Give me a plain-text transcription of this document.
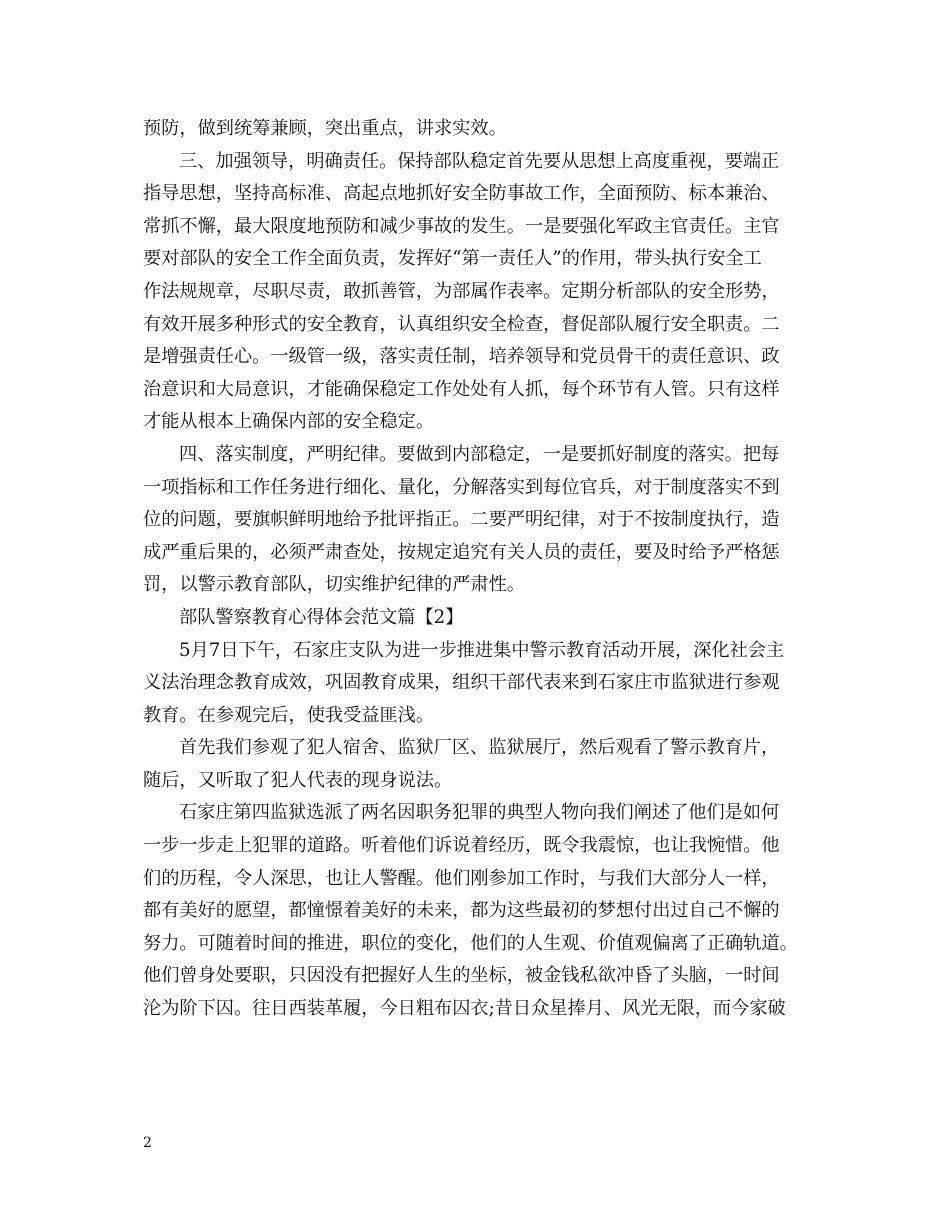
预防，做到统筹兼顾，突出重点，讲求实效。
三、加强领导，明确责任。保持部队稳定首先要从思想上高度重视，要端正
指导思想，坚持高标准、高起点地抓好安全防事故工作，全面预防、标本兼治、
常抓不懈，最大限度地预防和减少事故的发生。一是要强化军政主官责任。主官
要对部队的安全工作全面负责，发挥好“第一责任人”的作用，带头执行安全工
作法规规章，尽职尽责，敢抓善管，为部属作表率。定期分析部队的安全形势，
有效开展多种形式的安全教育，认真组织安全检查，督促部队履行安全职责。二
是增强责任心。一级管一级，落实责任制，培养领导和党员骨干的责任意识、政
治意识和大局意识，才能确保稳定工作处处有人抓，每个环节有人管。只有这样
才能从根本上确保内部的安全稳定。
四、落实制度，严明纪律。要做到内部稳定，一是要抓好制度的落实。把每
一项指标和工作任务进行细化、量化，分解落实到每位官兵，对于制度落实不到
位的问题，要旗帜鲜明地给予批评指正。二要严明纪律，对于不按制度执行，造
成严重后果的，必须严肃查处，按规定追究有关人员的责任，要及时给予严格惩
罚，以警示教育部队，切实维护纪律的严肃性。
部队警察教育心得体会范文篇【2】
5月7日下午，石家庄支队为进一步推进集中警示教育活动开展，深化社会主
义法治理念教育成效，巩固教育成果，组织干部代表来到石家庄市监狱进行参观
教育。在参观完后，使我受益匪浅。
首先我们参观了犯人宿舍、监狱厂区、监狱展厅，然后观看了警示教育片，
随后，又听取了犯人代表的现身说法。
石家庄第四监狱选派了两名因职务犯罪的典型人物向我们阐述了他们是如何
一步一步走上犯罪的道路。听着他们诉说着经历，既令我震惊，也让我惋惜。他
们的历程，令人深思，也让人警醒。他们刚参加工作时，与我们大部分人一样，
都有美好的愿望，都憧憬着美好的未来，都为这些最初的梦想付出过自己不懈的
努力。可随着时间的推进，职位的变化，他们的人生观、价值观偏离了正确轨道。
他们曾身处要职，只因没有把握好人生的坐标，被金钱私欲冲昏了头脑，一时间
沦为阶下囚。往日西装革履，今日粗布囚衣;昔日众星捧月、风光无限，而今家破
2
